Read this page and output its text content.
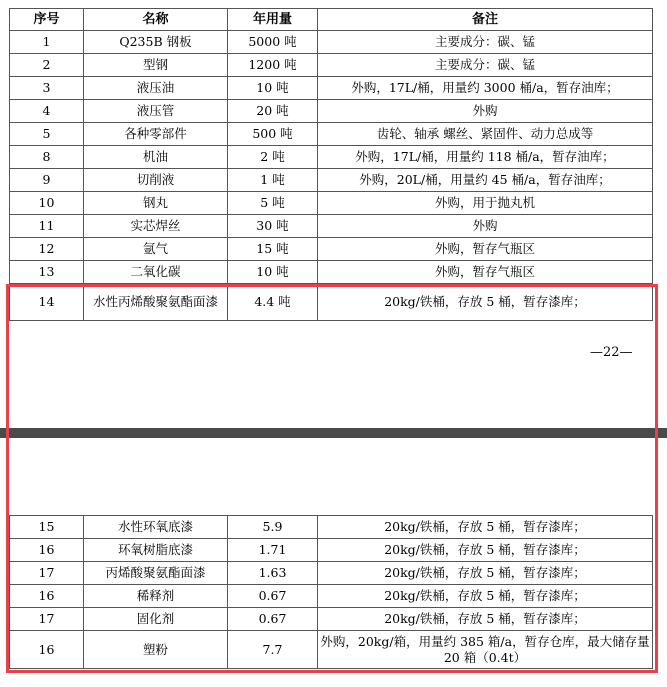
序号	名称	年用量	备注
1	Q235B 钢板	5000 吨	主要成分：碳、锰
2	型钢	1200 吨	主要成分：碳、锰
3	液压油	10 吨	外购，17L/桶，用量约 3000 桶/a，暂存油库；
4	液压管	20 吨	外购
5	各种零部件	500 吨	齿轮、轴承 螺丝、紧固件、动力总成等
8	机油	2 吨	外购，17L/桶，用量约 118 桶/a，暂存油库；
9	切削液	1 吨	外购，20L/桶，用量约 45 桶/a，暂存油库；
10	钢丸	5 吨	外购，用于抛丸机
11	实芯焊丝	30 吨	外购
12	氩气	15 吨	外购，暂存气瓶区
13	二氧化碳	10 吨	外购，暂存气瓶区
14	水性丙烯酸聚氨酯面漆	4.4 吨	20kg/铁桶，存放 5 桶，暂存漆库；
—22—
15	水性环氧底漆	5.9	20kg/铁桶，存放 5 桶，暂存漆库；
16	环氧树脂底漆	1.71	20kg/铁桶，存放 5 桶，暂存漆库；
17	丙烯酸聚氨酯面漆	1.63	20kg/铁桶，存放 5 桶，暂存漆库；
16	稀释剂	0.67	20kg/铁桶，存放 5 桶，暂存漆库；
17	固化剂	0.67	20kg/铁桶，存放 5 桶，暂存漆库；
16	塑粉	7.7	外购，20kg/箱，用量约 385 箱/a，暂存仓库，最大储存量 20 箱（0.4t）
